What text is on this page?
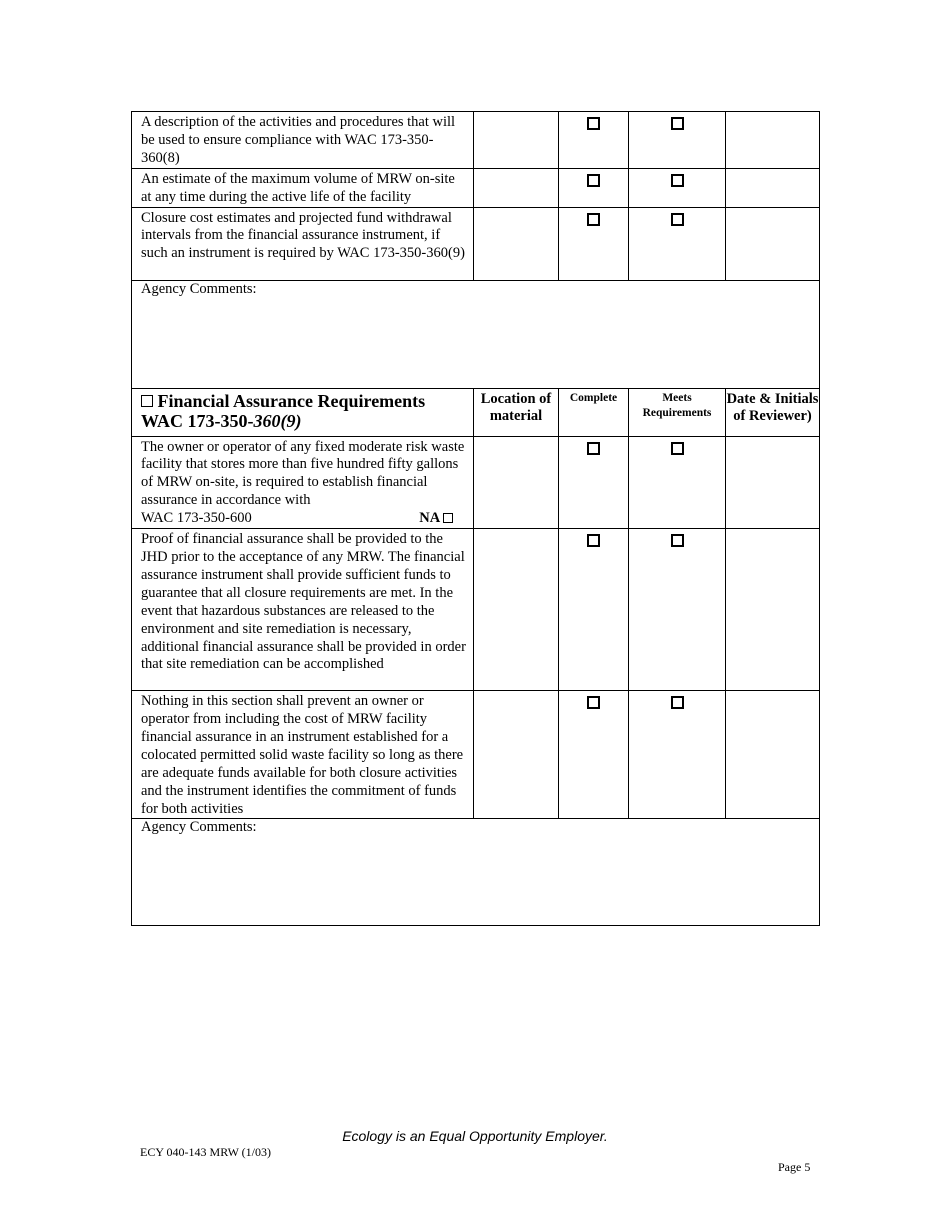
A description of the activities and procedures that will be used to ensure compliance with WAC 173-350-360(8)				
An estimate of the maximum volume of MRW on-site at any time during the active life of the facility				
Closure cost estimates and projected fund withdrawal intervals from the financial assurance instrument, if such an instrument is required by WAC 173-350-360(9)				
Agency Comments:				

Financial Assurance Requirements
WAC 173-350-360(9)	Location of material	Complete	Meets Requirements	Date & Initials of Reviewer)
The owner or operator of any fixed moderate risk waste facility that stores more than five hundred fifty gallons of MRW on-site, is required to establish financial assurance in accordance with
WAC 173-350-600 NA				

Proof of financial assurance shall be provided to the JHD prior to the acceptance of any MRW. The financial assurance instrument shall provide sufficient funds to guarantee that all closure requirements are met. In the event that hazardous substances are released to the environment and site remediation is necessary, additional financial assurance shall be provided in order that site remediation can be accomplished				
Nothing in this section shall prevent an owner or operator from including the cost of MRW facility financial assurance in an instrument established for a colocated permitted solid waste facility so long as there are adequate funds available for both closure activities and the instrument identifies the commitment of funds for both activities				
Agency Comments:				
Ecology is an Equal Opportunity Employer.
ECY 040-143 MRW (1/03)
Page 5
